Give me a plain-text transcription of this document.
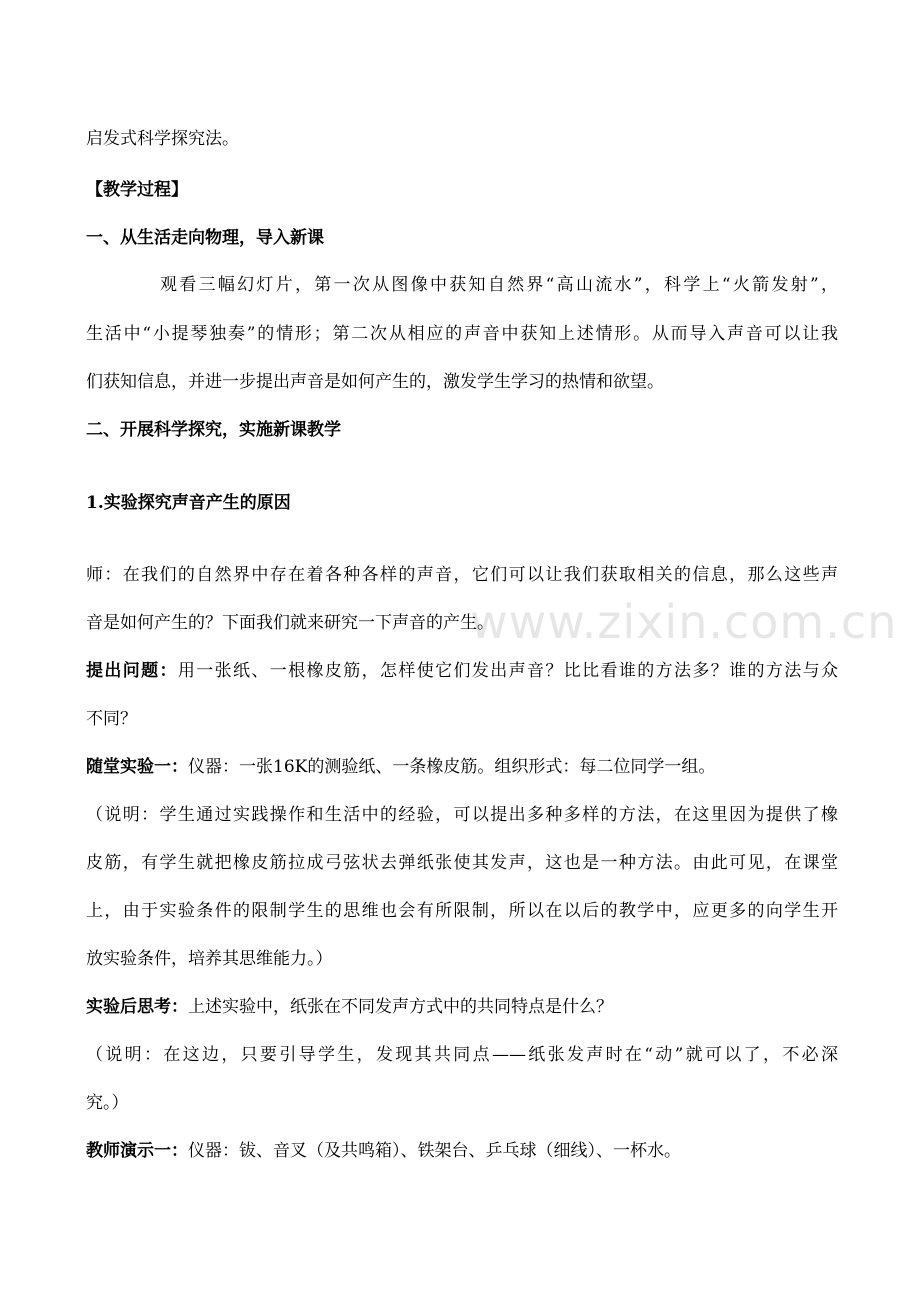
www.zixin.com.cn
启发式科学探究法。
【教学过程】
一、从生活走向物理，导入新课
观看三幅幻灯片，第一次从图像中获知自然界“高山流水”，科学上“火箭发射”，
生活中“小提琴独奏”的情形；第二次从相应的声音中获知上述情形。从而导入声音可以让我
们获知信息，并进一步提出声音是如何产生的，激发学生学习的热情和欲望。
二、开展科学探究，实施新课教学
1.实验探究声音产生的原因
师：在我们的自然界中存在着各种各样的声音，它们可以让我们获取相关的信息，那么这些声
音是如何产生的？下面我们就来研究一下声音的产生。
提出问题：用一张纸、一根橡皮筋，怎样使它们发出声音？比比看谁的方法多？谁的方法与众
不同？
随堂实验一：仪器：一张16K的测验纸、一条橡皮筋。组织形式：每二位同学一组。
（说明：学生通过实践操作和生活中的经验，可以提出多种多样的方法，在这里因为提供了橡
皮筋，有学生就把橡皮筋拉成弓弦状去弹纸张使其发声，这也是一种方法。由此可见，在课堂
上，由于实验条件的限制学生的思维也会有所限制，所以在以后的教学中，应更多的向学生开
放实验条件，培养其思维能力。）
实验后思考：上述实验中，纸张在不同发声方式中的共同特点是什么？
（说明：在这边，只要引导学生，发现其共同点——纸张发声时在“动”就可以了，不必深
究。）
教师演示一：仪器：钹、音叉（及共鸣箱）、铁架台、乒乓球（细线）、一杯水。
